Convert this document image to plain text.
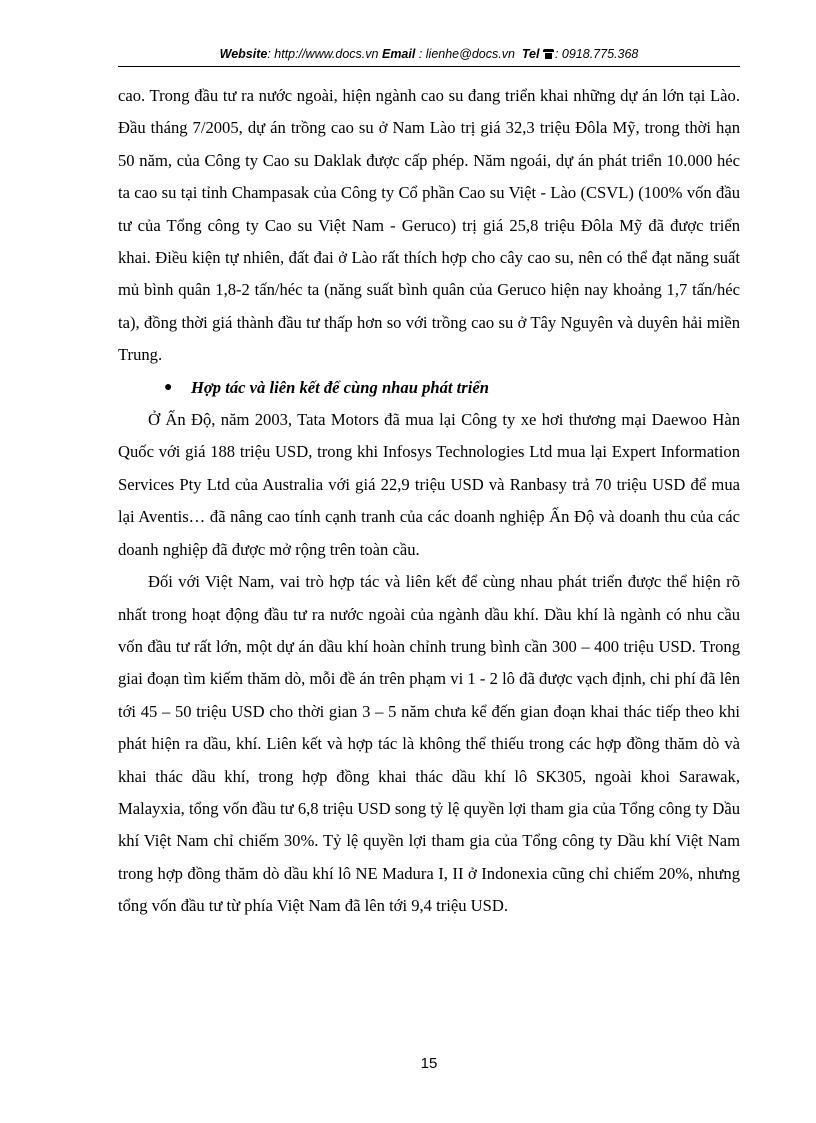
Website: http://www.docs.vn Email : lienhe@docs.vn Tel : 0918.775.368

cao. Trong đầu tư ra nước ngoài, hiện ngành cao su đang triển khai những dự án lớn tại Lào. Đầu tháng 7/2005, dự án trồng cao su ở Nam Lào trị giá 32,3 triệu Đôla Mỹ, trong thời hạn 50 năm, của Công ty Cao su Daklak được cấp phép. Năm ngoái, dự án phát triển 10.000 héc ta cao su tại tỉnh Champasak của Công ty Cổ phần Cao su Việt - Lào (CSVL) (100% vốn đầu tư của Tổng công ty Cao su Việt Nam - Geruco) trị giá 25,8 triệu Đôla Mỹ đã được triển khai. Điều kiện tự nhiên, đất đai ở Lào rất thích hợp cho cây cao su, nên có thể đạt năng suất mủ bình quân 1,8-2 tấn/héc ta (năng suất bình quân của Geruco hiện nay khoảng 1,7 tấn/héc ta), đồng thời giá thành đầu tư thấp hơn so với trồng cao su ở Tây Nguyên và duyên hải miền Trung.

● Hợp tác và liên kết để cùng nhau phát triển

Ở Ấn Độ, năm 2003, Tata Motors đã mua lại Công ty xe hơi thương mại Daewoo Hàn Quốc với giá 188 triệu USD, trong khi Infosys Technologies Ltd mua lại Expert Information Services Pty Ltd của Australia với giá 22,9 triệu USD và Ranbasy trả 70 triệu USD để mua lại Aventis… đã nâng cao tính cạnh tranh của các doanh nghiệp Ấn Độ và doanh thu của các doanh nghiệp đã được mở rộng trên toàn cầu.

Đối với Việt Nam, vai trò hợp tác và liên kết để cùng nhau phát triển được thể hiện rõ nhất trong hoạt động đầu tư ra nước ngoài của ngành dầu khí. Dầu khí là ngành có nhu cầu vốn đầu tư rất lớn, một dự án dầu khí hoàn chỉnh trung bình cần 300 – 400 triệu USD. Trong giai đoạn tìm kiếm thăm dò, mỗi đề án trên phạm vi 1 - 2 lô đã được vạch định, chi phí đã lên tới 45 – 50 triệu USD cho thời gian 3 – 5 năm chưa kể đến gian đoạn khai thác tiếp theo khi phát hiện ra dầu, khí. Liên kết và hợp tác là không thể thiếu trong các hợp đồng thăm dò và khai thác dầu khí, trong hợp đồng khai thác dầu khí lô SK305, ngoài khoi Sarawak, Malayxia, tổng vốn đầu tư 6,8 triệu USD song tỷ lệ quyền lợi tham gia của Tổng công ty Dầu khí Việt Nam chỉ chiếm 30%. Tỷ lệ quyền lợi tham gia của Tổng công ty Dầu khí Việt Nam trong hợp đồng thăm dò dầu khí lô NE Madura I, II ở Indonexia cũng chỉ chiếm 20%, nhưng tổng vốn đầu tư từ phía Việt Nam đã lên tới 9,4 triệu USD.

15
